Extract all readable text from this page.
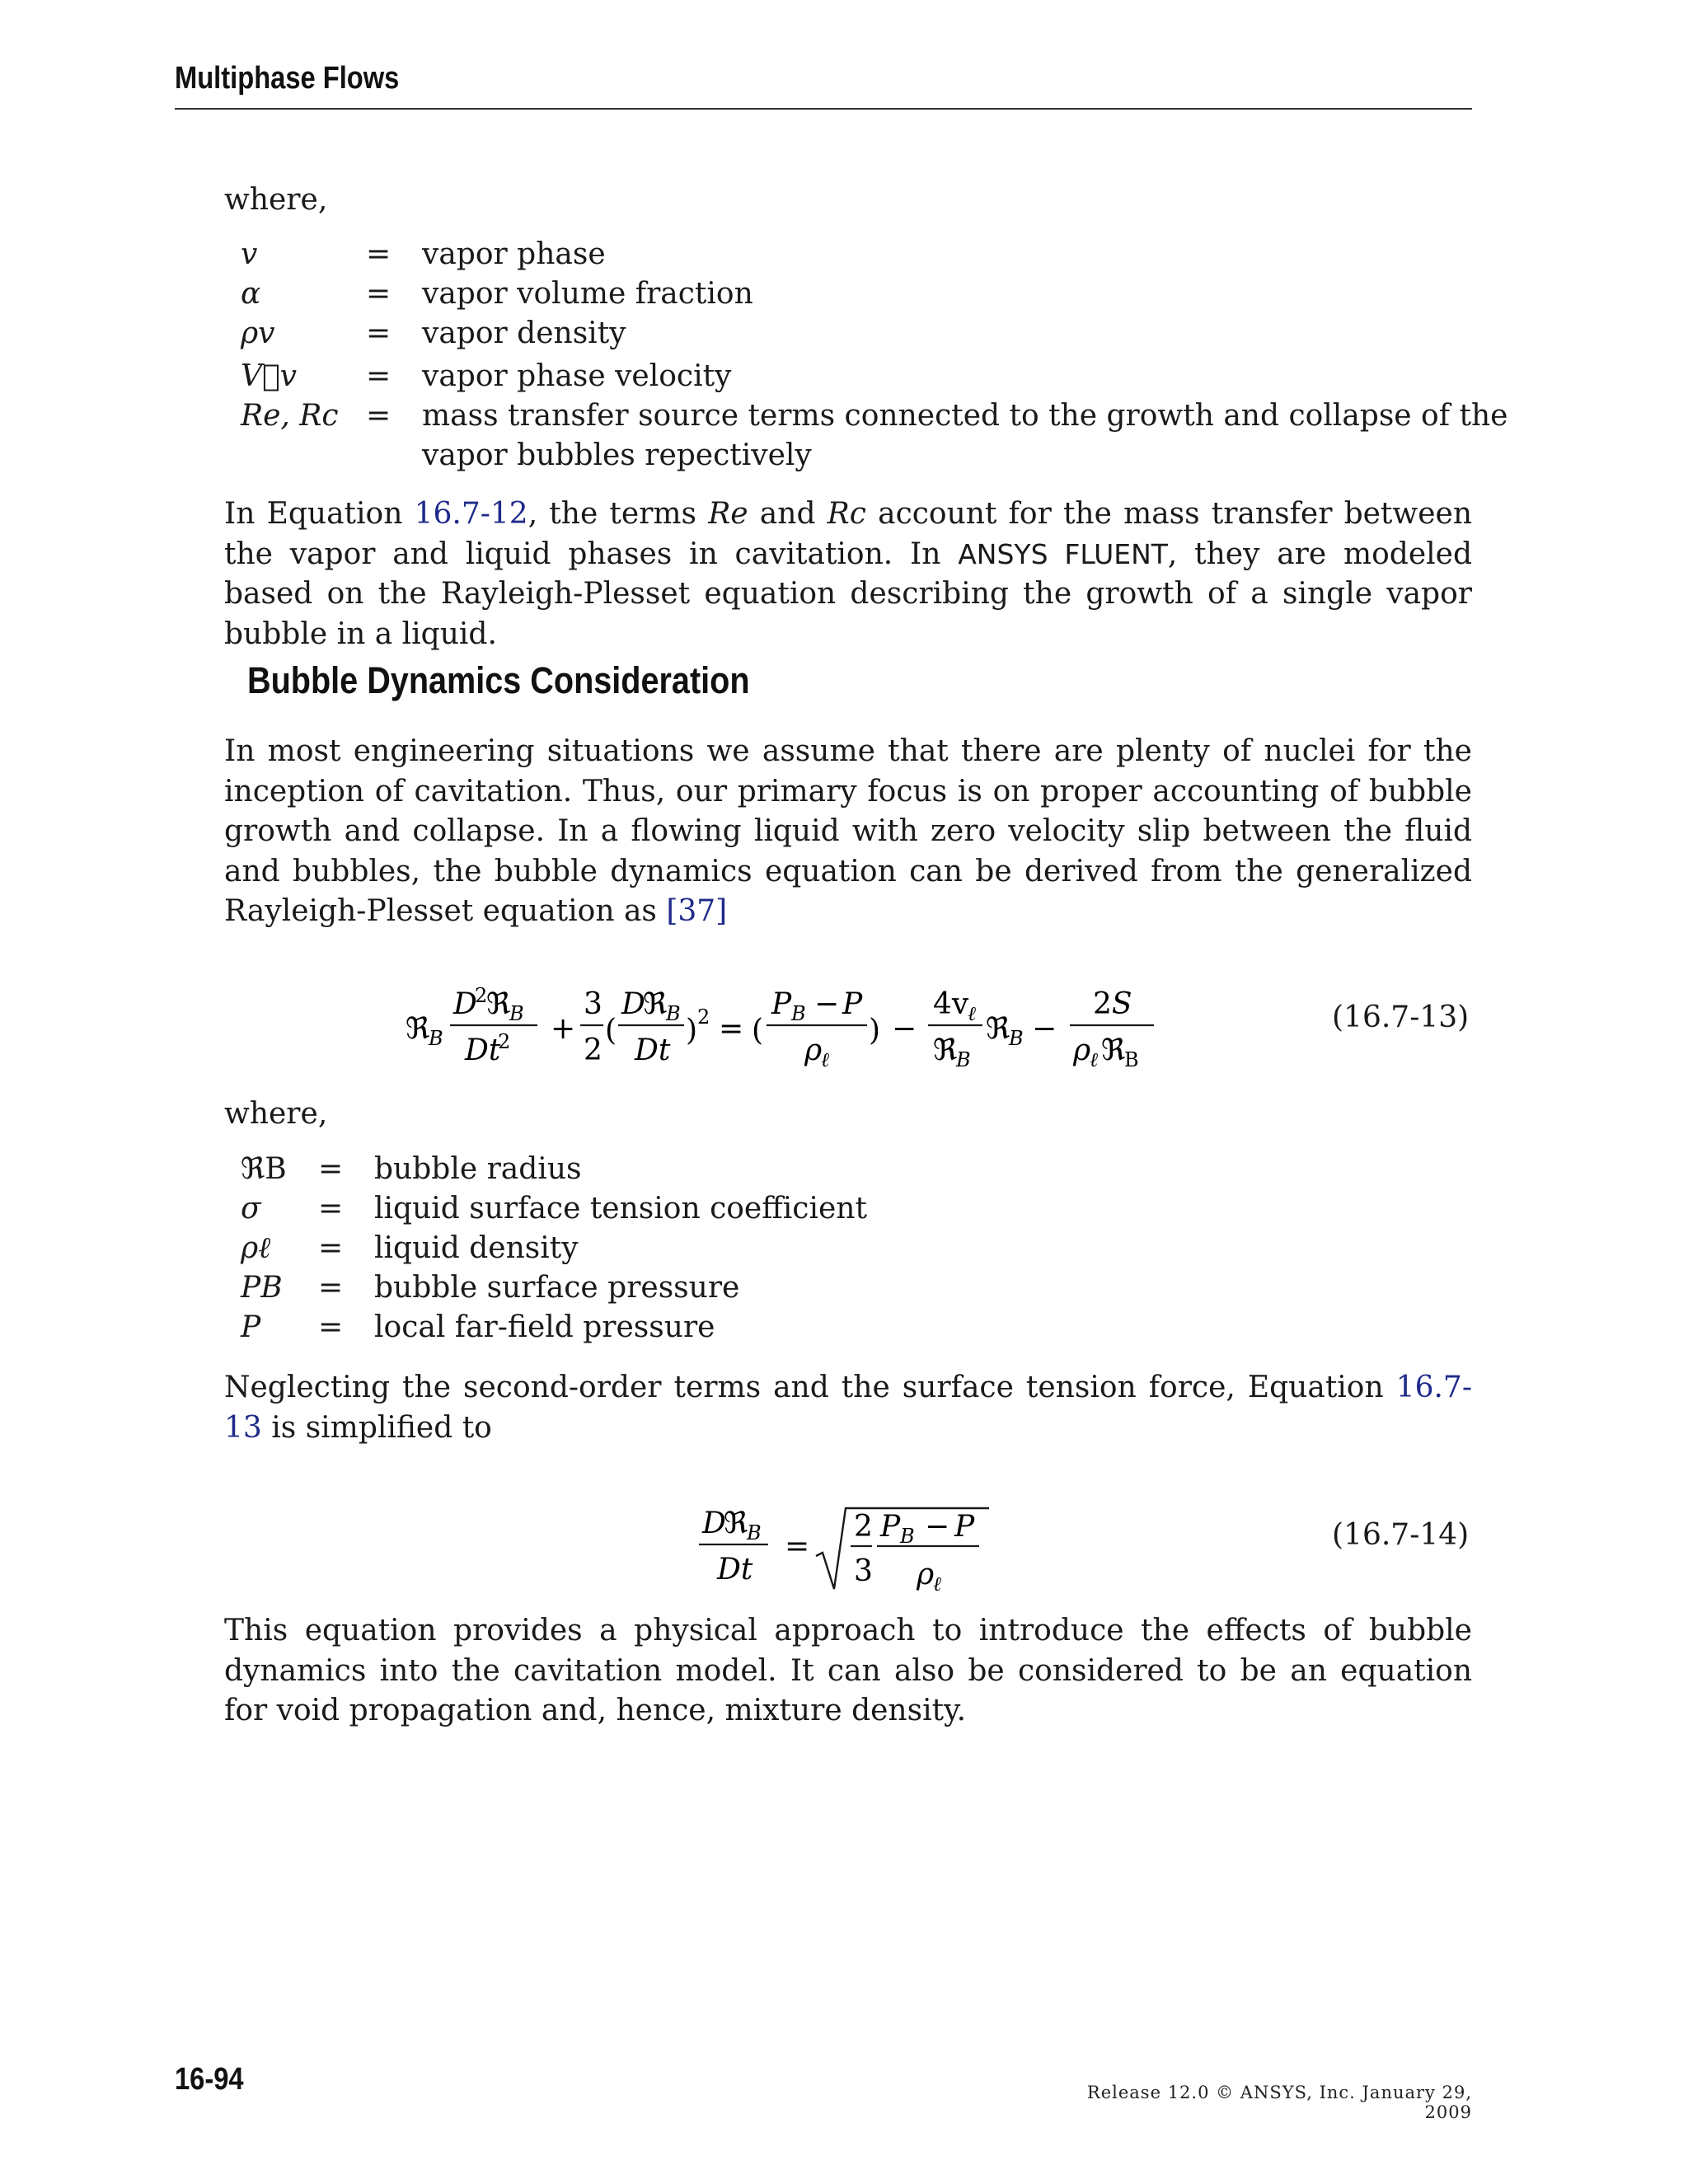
Multiphase Flows
where,
v	= vapor phase
α	= vapor volume fraction
ρv	= vapor density
V⃗v = vapor phase velocity
Re, Rc = mass transfer source terms connected to the growth and collapse of the
vapor bubbles repectively
In Equation 16.7-12, the terms Re and Rc account for the mass transfer between the vapor and liquid phases in cavitation. In ANSYS FLUENT, they are modeled based on the Rayleigh-Plesset equation describing the growth of a single vapor bubble in a liquid.
Bubble Dynamics Consideration
In most engineering situations we assume that there are plenty of nuclei for the inception of cavitation. Thus, our primary focus is on proper accounting of bubble growth and collapse. In a flowing liquid with zero velocity slip between the fluid and bubbles, the bubble dynamics equation can be derived from the generalized Rayleigh-Plesset equation as [37]
ℜ
B
D
2
ℜ
B
Dt
2 +
3
2
(
D
ℜ
B
Dt
) 2 = (
P B − P
ρ
ℓ
) −
4v
ℓ
ℜ
B
ℜ
B −
2S
ρ
ℓ ℜ
B
(16.7-13)
where,
ℜB = bubble radius
σ = liquid surface tension coefficient
ρℓ = liquid density
PB = bubble surface pressure
P = local far-field pressure
Neglecting the second-order terms and the surface tension force, Equation 16.7-13 is simplified to
D
ℜ
B
Dt
=
2
3
P B − P
ρ
ℓ
(16.7-14)
This equation provides a physical approach to introduce the effects of bubble dynamics into the cavitation model. It can also be considered to be an equation for void propagation and, hence, mixture density.
16-94	Release 12.0 © ANSYS, Inc. January 29, 2009
